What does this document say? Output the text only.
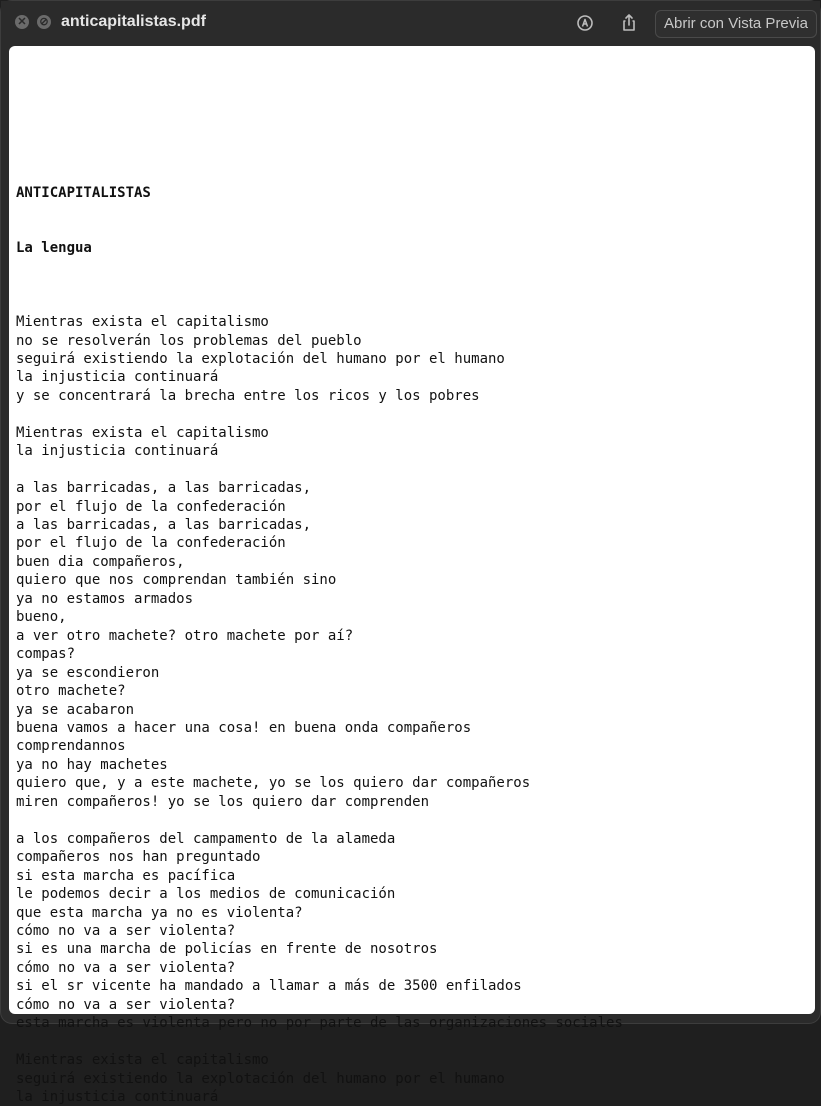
✕ ⊘ anticapitalistas.pdf	Abrir con Vista Previa

ANTICAPITALISTAS

La lengua

Mientras exista el capitalismo
no se resolverán los problemas del pueblo
seguirá existiendo la explotación del humano por el humano
la injusticia continuará
y se concentrará la brecha entre los ricos y los pobres
Mientras exista el capitalismo
la injusticia continuará
a las barricadas, a las barricadas,
por el flujo de la confederación
a las barricadas, a las barricadas,
por el flujo de la confederación
buen dia compañeros,
quiero que nos comprendan también sino
ya no estamos armados
bueno,
a ver otro machete? otro machete por aí?
compas?
ya se escondieron
otro machete?
ya se acabaron
buena vamos a hacer una cosa! en buena onda compañeros
comprendannos
ya no hay machetes
quiero que, y a este machete, yo se los quiero dar compañeros
miren compañeros! yo se los quiero dar comprenden
a los compañeros del campamento de la alameda
compañeros nos han preguntado
si esta marcha es pacífica
le podemos decir a los medios de comunicación
que esta marcha ya no es violenta?
cómo no va a ser violenta?
si es una marcha de policías en frente de nosotros
cómo no va a ser violenta?
si el sr vicente ha mandado a llamar a más de 3500 enfilados
cómo no va a ser violenta?
esta marcha es violenta pero no por parte de las organizaciones sociales
Mientras exista el capitalismo
seguirá existiendo la explotación del humano por el humano
la injusticia continuará
